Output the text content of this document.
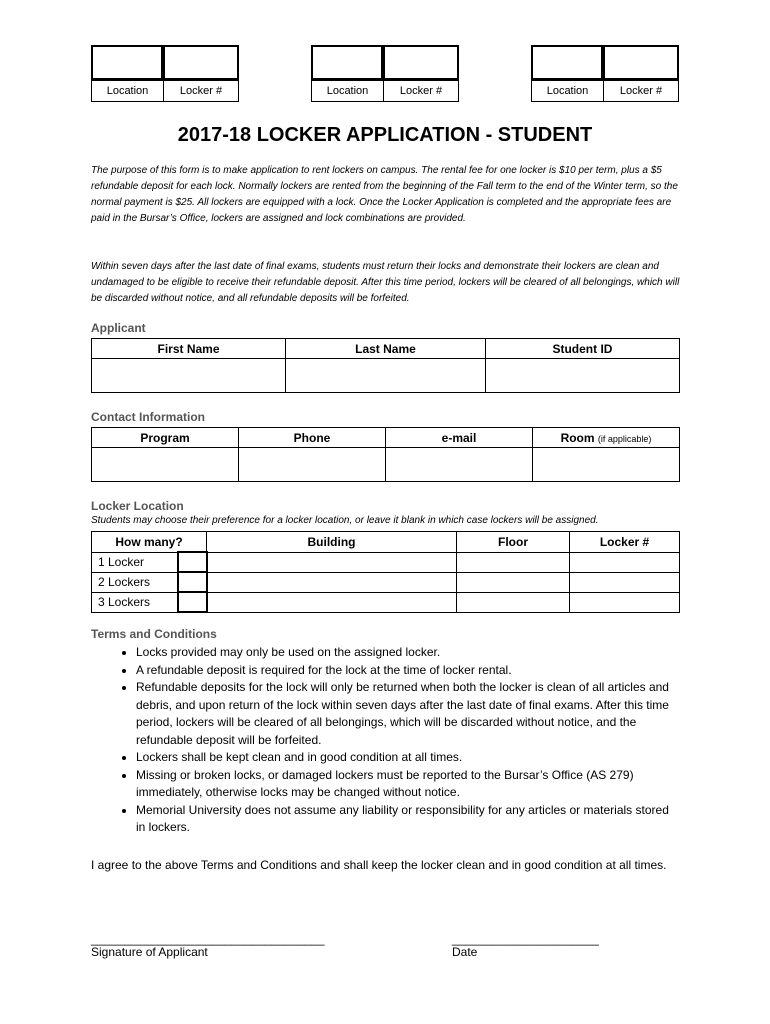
Location	Locker #	Location	Locker #	Location	Locker #
2017-18 LOCKER APPLICATION - STUDENT

The purpose of this form is to make application to rent lockers on campus. The rental fee for one locker is $10 per term, plus a $5 refundable deposit for each lock. Normally lockers are rented from the beginning of the Fall term to the end of the Winter term, so the normal payment is $25. All lockers are equipped with a lock. Once the Locker Application is completed and the appropriate fees are paid in the Bursar’s Office, lockers are assigned and lock combinations are provided.

Within seven days after the last date of final exams, students must return their locks and demonstrate their lockers are clean and undamaged to be eligible to receive their refundable deposit. After this time period, lockers will be cleared of all belongings, which will be discarded without notice, and all refundable deposits will be forfeited.

Applicant
First Name	Last Name	Student ID

Contact Information
Program	Phone	e-mail	Room (if applicable)

Locker Location
Students may choose their preference for a locker location, or leave it blank in which case lockers will be assigned.
How many?		Building	Floor	Locker #
1 Locker				
2 Lockers				
3 Lockers				
Terms and Conditions
• Locks provided may only be used on the assigned locker.
• A refundable deposit is required for the lock at the time of locker rental.
• Refundable deposits for the lock will only be returned when both the locker is clean of all articles and debris, and upon return of the lock within seven days after the last date of final exams. After this time period, lockers will be cleared of all belongings, which will be discarded without notice, and the refundable deposit will be forfeited.
• Lockers shall be kept clean and in good condition at all times.
• Missing or broken locks, or damaged lockers must be reported to the Bursar’s Office (AS 279) immediately, otherwise locks may be changed without notice.
• Memorial University does not assume any liability or responsibility for any articles or materials stored in lockers.

I agree to the above Terms and Conditions and shall keep the locker clean and in good condition at all times.

___________________________________
Signature of Applicant
______________________
Date
